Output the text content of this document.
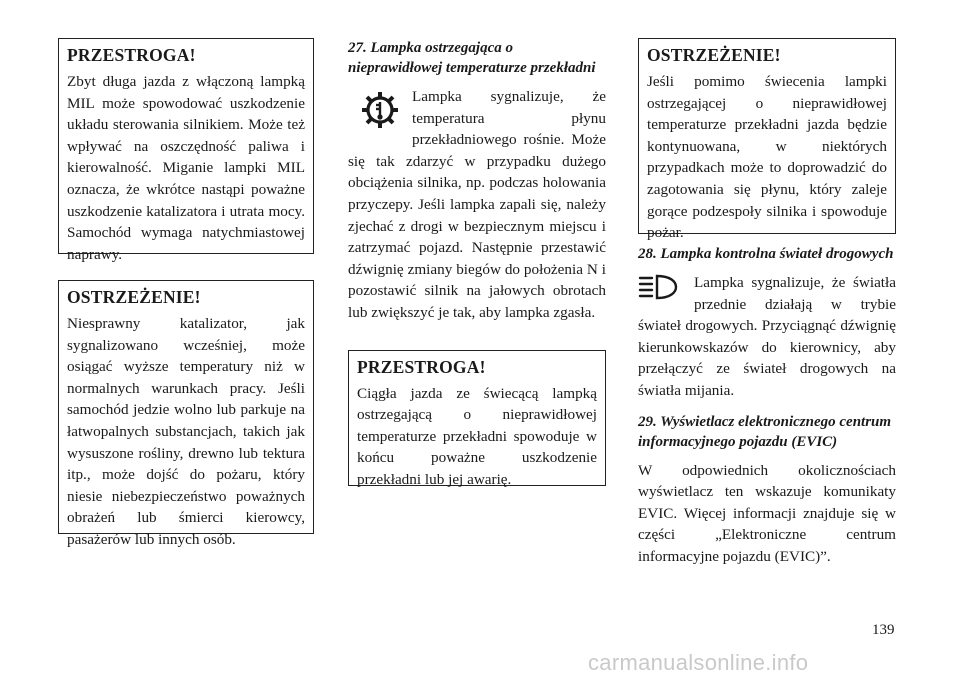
PRZESTROGA!

Zbyt długa jazda z włączoną lampką MIL może spowodować uszkodzenie układu sterowania silnikiem. Może też wpływać na oszczędność paliwa i kierowalność. Miganie lampki MIL oznacza, że wkrótce nastąpi poważne uszkodzenie katalizatora i utrata mocy. Samochód wymaga natychmiastowej naprawy.

OSTRZEŻENIE!

Niesprawny katalizator, jak sygnalizowano wcześniej, może osiągać wyższe temperatury niż w normalnych warunkach pracy. Jeśli samochód jedzie wolno lub parkuje na łatwopalnych substancjach, takich jak wysuszone rośliny, drewno lub tektura itp., może dojść do pożaru, który niesie niebezpieczeństwo poważnych obrażeń lub śmierci kierowcy, pasażerów lub innych osób.

27. Lampka ostrzegająca o nieprawidłowej temperaturze przekładni

Lampka sygnalizuje, że temperatura płynu przekładniowego rośnie. Może się tak zdarzyć w przypadku dużego obciążenia silnika, np. podczas holowania przyczepy. Jeśli lampka zapali się, należy zjechać z drogi w bezpiecznym miejscu i zatrzymać pojazd. Następnie przestawić dźwignię zmiany biegów do położenia N i pozostawić silnik na jałowych obrotach lub zwiększyć je tak, aby lampka zgasła.

PRZESTROGA!

Ciągła jazda ze świecącą lampką ostrzegającą o nieprawidłowej temperaturze przekładni spowoduje w końcu poważne uszkodzenie przekładni lub jej awarię.

OSTRZEŻENIE!

Jeśli pomimo świecenia lampki ostrzegającej o nieprawidłowej temperaturze przekładni jazda będzie kontynuowana, w niektórych przypadkach może to doprowadzić do zagotowania się płynu, który zaleje gorące podzespoły silnika i spowoduje pożar.

28. Lampka kontrolna świateł drogowych

Lampka sygnalizuje, że światła przednie działają w trybie świateł drogowych. Przyciągnąć dźwignię kierunkowskazów do kierownicy, aby przełączyć ze świateł drogowych na światła mijania.

29. Wyświetlacz elektronicznego centrum informacyjnego pojazdu (EVIC)

W odpowiednich okolicznościach wyświetlacz ten wskazuje komunikaty EVIC. Więcej informacji znajduje się w części „Elektroniczne centrum informacyjne pojazdu (EVIC)”.

139
carmanualsonline.info
